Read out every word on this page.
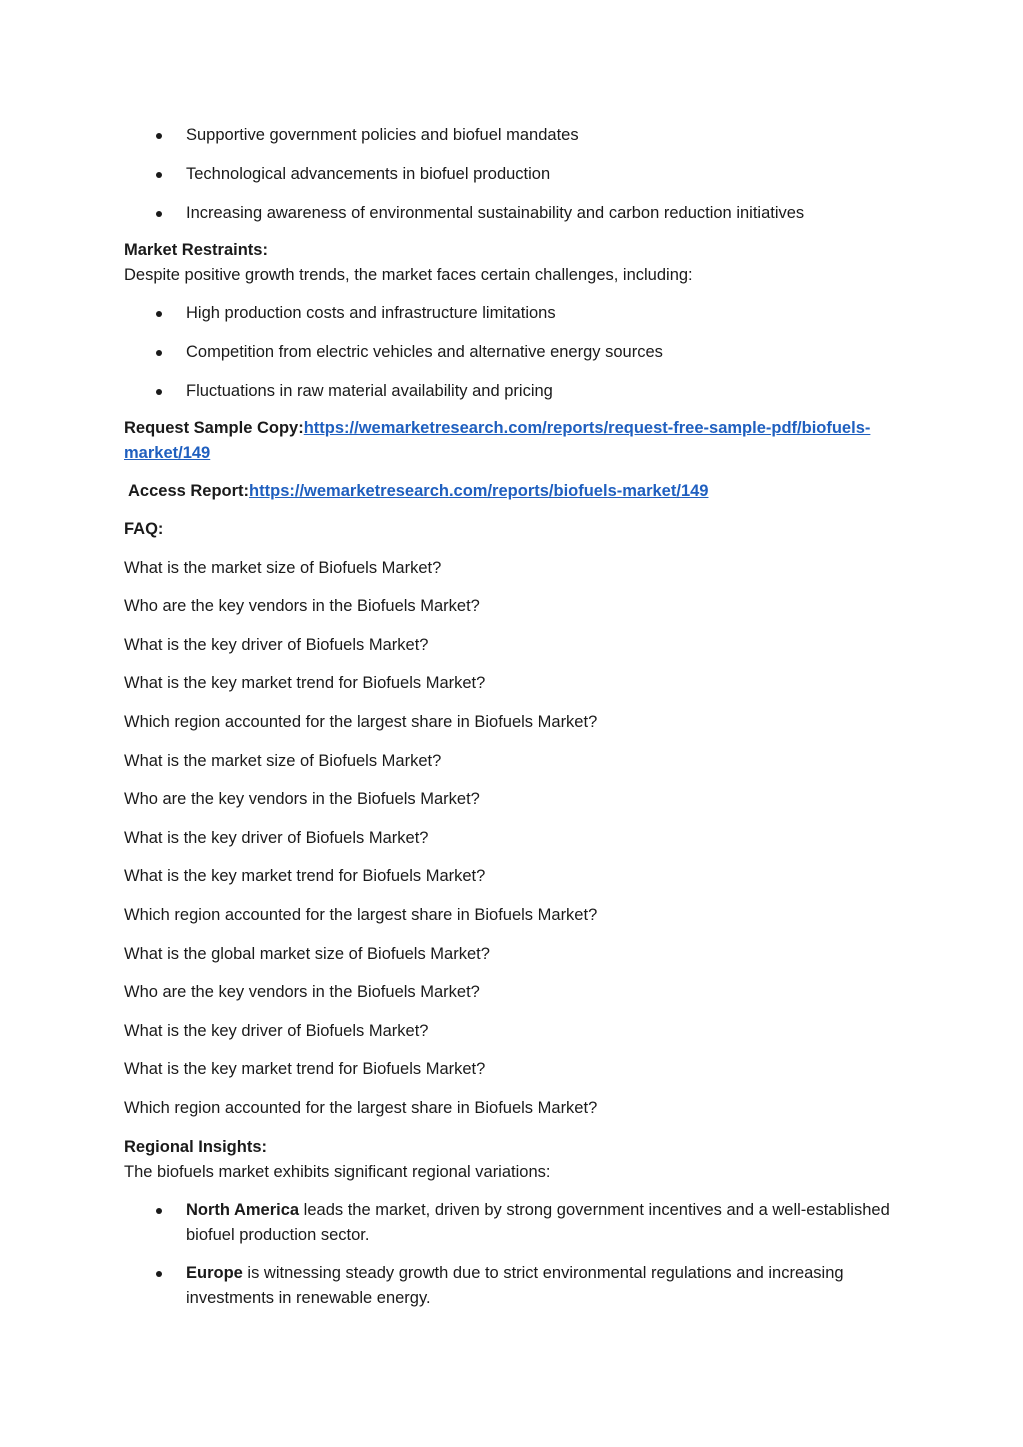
Supportive government policies and biofuel mandates
Technological advancements in biofuel production
Increasing awareness of environmental sustainability and carbon reduction initiatives
Market Restraints:
Despite positive growth trends, the market faces certain challenges, including:
High production costs and infrastructure limitations
Competition from electric vehicles and alternative energy sources
Fluctuations in raw material availability and pricing
Request Sample Copy:https://wemarketresearch.com/reports/request-free-sample-pdf/biofuels-market/149
Access Report:https://wemarketresearch.com/reports/biofuels-market/149

FAQ:

What is the market size of Biofuels Market?

Who are the key vendors in the Biofuels Market?

What is the key driver of Biofuels Market?

What is the key market trend for Biofuels Market?

Which region accounted for the largest share in Biofuels Market?

What is the market size of Biofuels Market?

Who are the key vendors in the Biofuels Market?

What is the key driver of Biofuels Market?

What is the key market trend for Biofuels Market?

Which region accounted for the largest share in Biofuels Market?

What is the global market size of Biofuels Market?

Who are the key vendors in the Biofuels Market?

What is the key driver of Biofuels Market?

What is the key market trend for Biofuels Market?

Which region accounted for the largest share in Biofuels Market?

Regional Insights:
The biofuels market exhibits significant regional variations:
North America leads the market, driven by strong government incentives and a well-established biofuel production sector.
Europe is witnessing steady growth due to strict environmental regulations and increasing investments in renewable energy.
